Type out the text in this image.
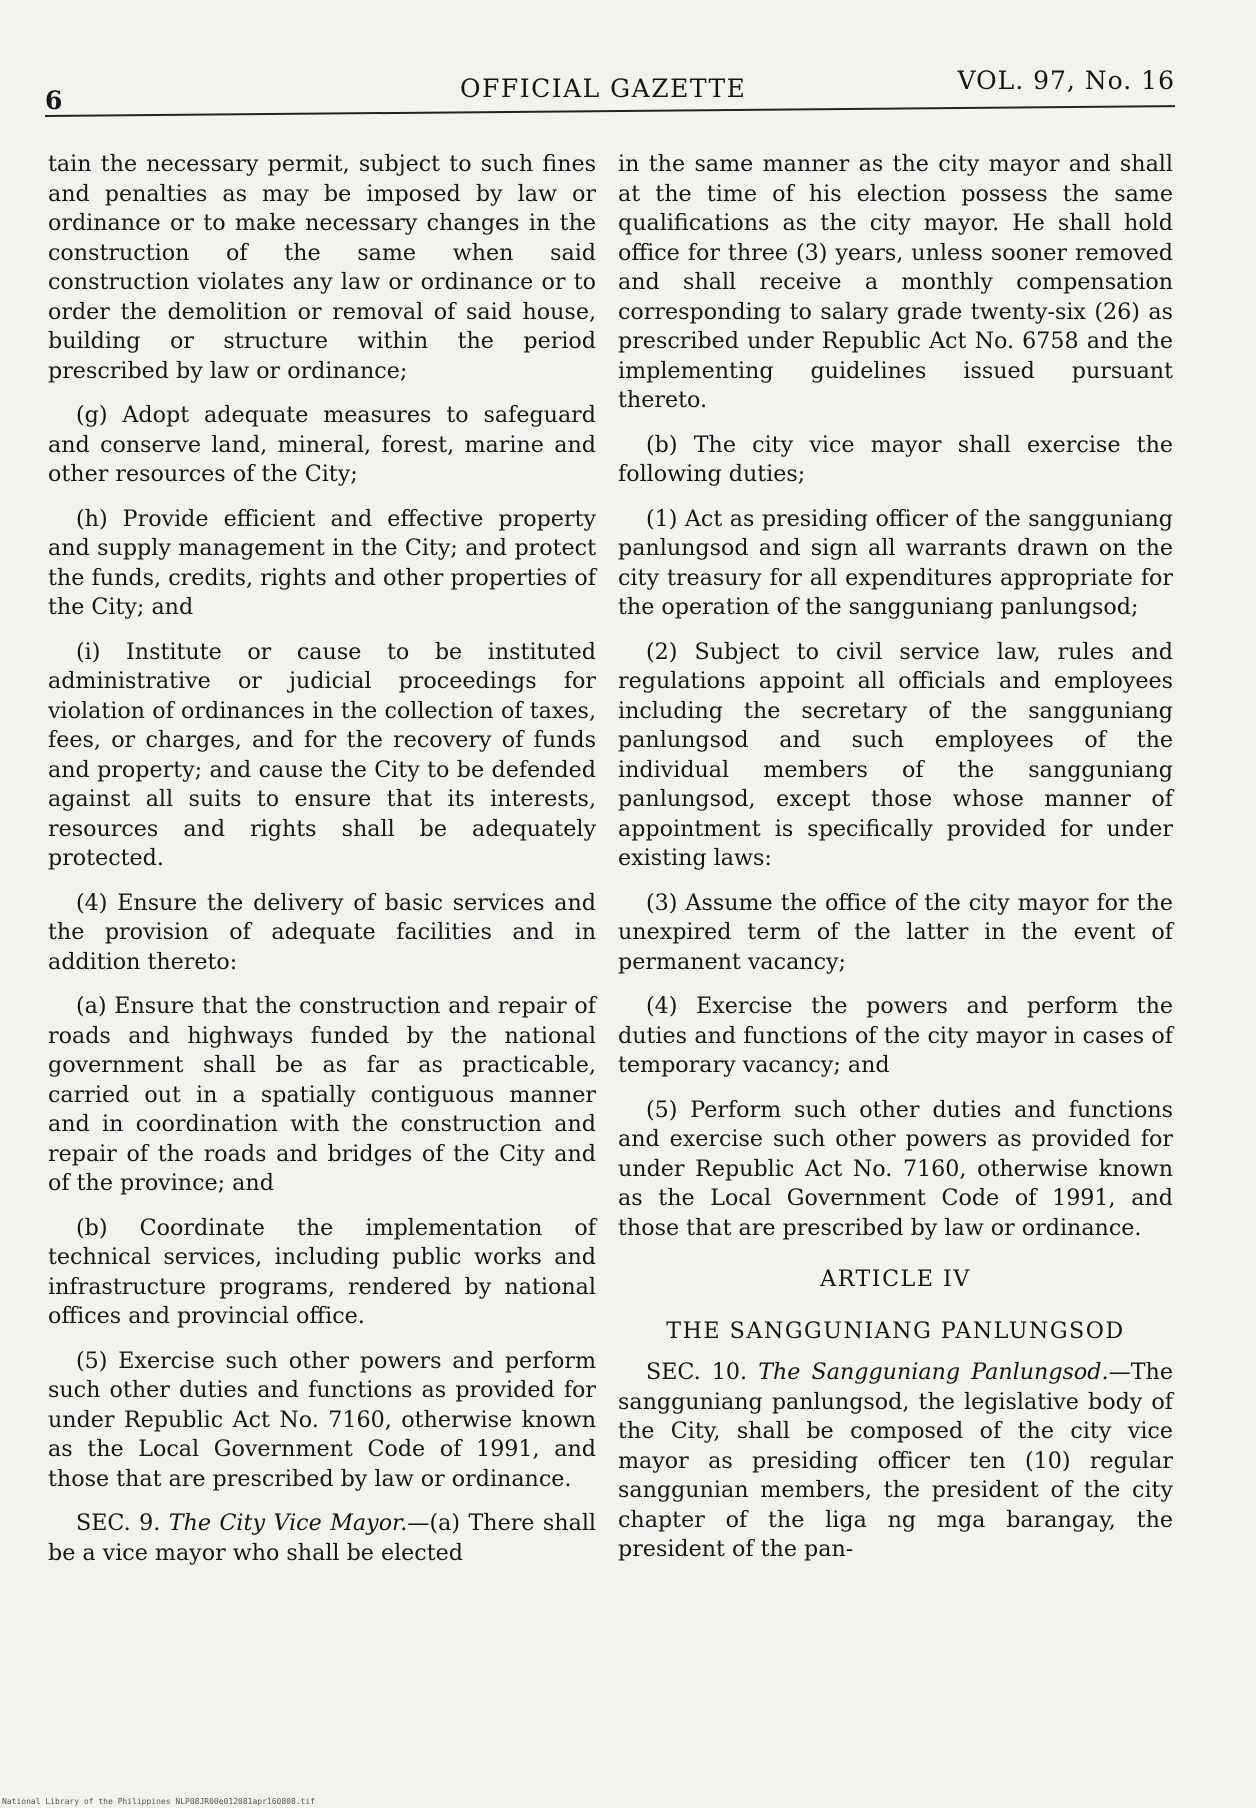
6	OFFICIAL GAZETTE	VOL. 97, No. 16

tain the necessary permit, subject to such fines and penalties as may be imposed by law or ordinance or to make necessary changes in the construction of the same when said construction violates any law or ordinance or to order the demolition or removal of said house, building or structure within the period prescribed by law or ordinance;

(g) Adopt adequate measures to safeguard and conserve land, mineral, forest, marine and other resources of the City;

(h) Provide efficient and effective property and supply management in the City; and protect the funds, credits, rights and other properties of the City; and

(i) Institute or cause to be instituted administrative or judicial proceedings for violation of ordinances in the collection of taxes, fees, or charges, and for the recovery of funds and property; and cause the City to be defended against all suits to ensure that its interests, resources and rights shall be adequately protected.

(4) Ensure the delivery of basic services and the provision of adequate facilities and in addition thereto:

(a) Ensure that the construction and repair of roads and highways funded by the national government shall be as far as practicable, carried out in a spatially contiguous manner and in coordination with the construction and repair of the roads and bridges of the City and of the province; and

(b) Coordinate the implementation of technical services, including public works and infrastructure programs, rendered by national offices and provincial office.

(5) Exercise such other powers and perform such other duties and functions as provided for under Republic Act No. 7160, otherwise known as the Local Government Code of 1991, and those that are prescribed by law or ordinance.

SEC. 9. The City Vice Mayor.—(a) There shall be a vice mayor who shall be elected

in the same manner as the city mayor and shall at the time of his election possess the same qualifications as the city mayor. He shall hold office for three (3) years, unless sooner removed and shall receive a monthly compensation corresponding to salary grade twenty-six (26) as prescribed under Republic Act No. 6758 and the implementing guidelines issued pursuant thereto.

(b) The city vice mayor shall exercise the following duties;

(1) Act as presiding officer of the sangguniang panlungsod and sign all warrants drawn on the city treasury for all expenditures appropriate for the operation of the sangguniang panlungsod;

(2) Subject to civil service law, rules and regulations appoint all officials and employees including the secretary of the sangguniang panlungsod and such employees of the individual members of the sangguniang panlungsod, except those whose manner of appointment is specifically provided for under existing laws:

(3) Assume the office of the city mayor for the unexpired term of the latter in the event of permanent vacancy;

(4) Exercise the powers and perform the duties and functions of the city mayor in cases of temporary vacancy; and

(5) Perform such other duties and functions and exercise such other powers as provided for under Republic Act No. 7160, otherwise known as the Local Government Code of 1991, and those that are prescribed by law or ordinance.

ARTICLE IV

THE SANGGUNIANG PANLUNGSOD

SEC. 10. The Sangguniang Panlungsod.—The sangguniang panlungsod, the legislative body of the City, shall be composed of the city vice mayor as presiding officer ten (10) regular sanggunian members, the president of the city chapter of the liga ng mga barangay, the president of the pan-

National Library of the Philippines NLP08JR00e012081apr160808.tif
